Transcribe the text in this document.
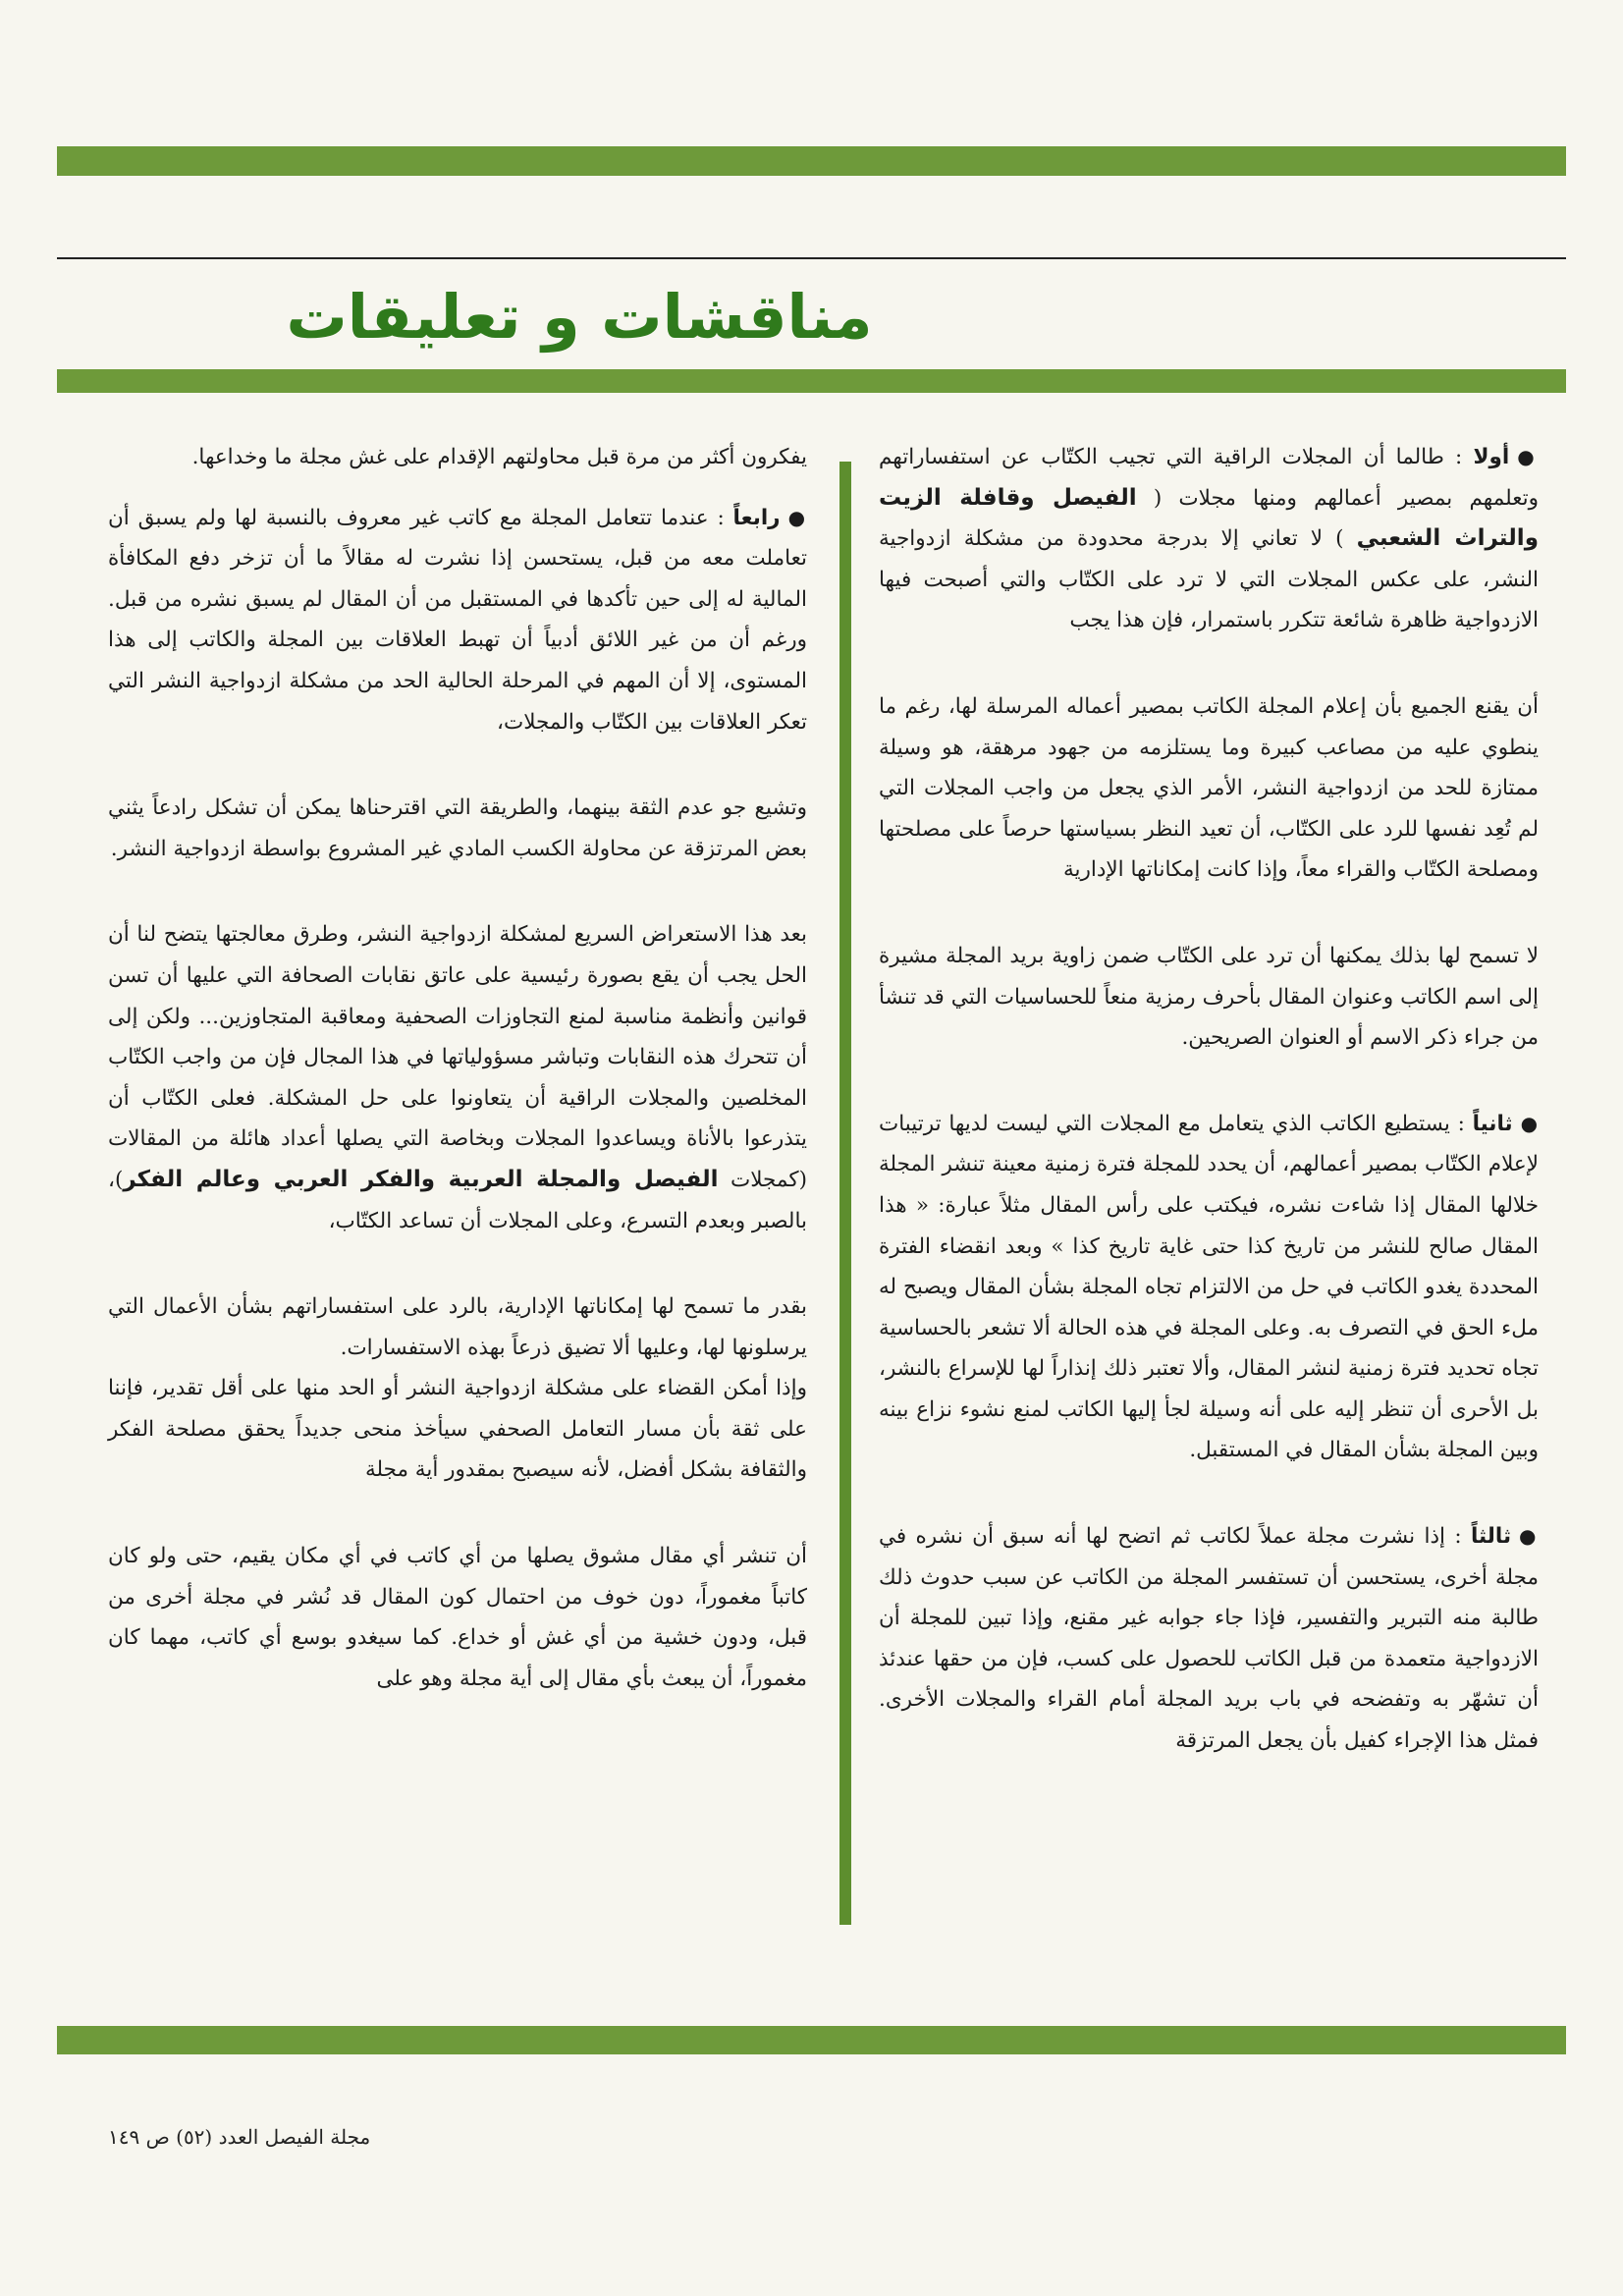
مناقشات و تعليقات

●أولا : طالما أن المجلات الراقية التي تجيب الكتّاب عن استفساراتهم وتعلمهم بمصير أعمالهم ومنها مجلات ( الفيصل وقافلة الزيت والتراث الشعبي ) لا تعاني إلا بدرجة محدودة من مشكلة ازدواجية النشر، على عكس المجلات التي لا ترد على الكتّاب والتي أصبحت فيها الازدواجية ظاهرة شائعة تتكرر باستمرار، فإن هذا يجب

أن يقنع الجميع بأن إعلام المجلة الكاتب بمصير أعماله المرسلة لها، رغم ما ينطوي عليه من مصاعب كبيرة وما يستلزمه من جهود مرهقة، هو وسيلة ممتازة للحد من ازدواجية النشر، الأمر الذي يجعل من واجب المجلات التي لم تُعِد نفسها للرد على الكتّاب، أن تعيد النظر بسياستها حرصاً على مصلحتها ومصلحة الكتّاب والقراء معاً، وإذا كانت إمكاناتها الإدارية

لا تسمح لها بذلك يمكنها أن ترد على الكتّاب ضمن زاوية بريد المجلة مشيرة إلى اسم الكاتب وعنوان المقال بأحرف رمزية منعاً للحساسيات التي قد تنشأ من جراء ذكر الاسم أو العنوان الصريحين.

●ثانياً : يستطيع الكاتب الذي يتعامل مع المجلات التي ليست لديها ترتيبات لإعلام الكتّاب بمصير أعمالهم، أن يحدد للمجلة فترة زمنية معينة تنشر المجلة خلالها المقال إذا شاءت نشره، فيكتب على رأس المقال مثلاً عبارة: « هذا المقال صالح للنشر من تاريخ كذا حتى غاية تاريخ كذا » وبعد انقضاء الفترة المحددة يغدو الكاتب في حل من الالتزام تجاه المجلة بشأن المقال ويصبح له ملء الحق في التصرف به. وعلى المجلة في هذه الحالة ألا تشعر بالحساسية تجاه تحديد فترة زمنية لنشر المقال، وألا تعتبر ذلك إنذاراً لها للإسراع بالنشر، بل الأحرى أن تنظر إليه على أنه وسيلة لجأ إليها الكاتب لمنع نشوء نزاع بينه وبين المجلة بشأن المقال في المستقبل.

●ثالثاً : إذا نشرت مجلة عملاً لكاتب ثم اتضح لها أنه سبق أن نشره في مجلة أخرى، يستحسن أن تستفسر المجلة من الكاتب عن سبب حدوث ذلك طالبة منه التبرير والتفسير، فإذا جاء جوابه غير مقنع، وإذا تبين للمجلة أن الازدواجية متعمدة من قبل الكاتب للحصول على كسب، فإن من حقها عندئذ أن تشهّر به وتفضحه في باب بريد المجلة أمام القراء والمجلات الأخرى. فمثل هذا الإجراء كفيل بأن يجعل المرتزقة

يفكرون أكثر من مرة قبل محاولتهم الإقدام على غش مجلة ما وخداعها.

●رابعاً : عندما تتعامل المجلة مع كاتب غير معروف بالنسبة لها ولم يسبق أن تعاملت معه من قبل، يستحسن إذا نشرت له مقالاً ما أن تزخر دفع المكافأة المالية له إلى حين تأكدها في المستقبل من أن المقال لم يسبق نشره من قبل. ورغم أن من غير اللائق أدبياً أن تهبط العلاقات بين المجلة والكاتب إلى هذا المستوى، إلا أن المهم في المرحلة الحالية الحد من مشكلة ازدواجية النشر التي تعكر العلاقات بين الكتّاب والمجلات،

وتشيع جو عدم الثقة بينهما، والطريقة التي اقترحناها يمكن أن تشكل رادعاً يثني بعض المرتزقة عن محاولة الكسب المادي غير المشروع بواسطة ازدواجية النشر.

بعد هذا الاستعراض السريع لمشكلة ازدواجية النشر، وطرق معالجتها يتضح لنا أن الحل يجب أن يقع بصورة رئيسية على عاتق نقابات الصحافة التي عليها أن تسن قوانين وأنظمة مناسبة لمنع التجاوزات الصحفية ومعاقبة المتجاوزين... ولكن إلى أن تتحرك هذه النقابات وتباشر مسؤولياتها في هذا المجال فإن من واجب الكتّاب المخلصين والمجلات الراقية أن يتعاونوا على حل المشكلة. فعلى الكتّاب أن يتذرعوا بالأناة ويساعدوا المجلات وبخاصة التي يصلها أعداد هائلة من المقالات (كمجلات الفيصل والمجلة العربية والفكر العربي وعالم الفكر)، بالصبر وبعدم التسرع، وعلى المجلات أن تساعد الكتّاب،

بقدر ما تسمح لها إمكاناتها الإدارية، بالرد على استفساراتهم بشأن الأعمال التي يرسلونها لها، وعليها ألا تضيق ذرعاً بهذه الاستفسارات.

وإذا أمكن القضاء على مشكلة ازدواجية النشر أو الحد منها على أقل تقدير، فإننا على ثقة بأن مسار التعامل الصحفي سيأخذ منحى جديداً يحقق مصلحة الفكر والثقافة بشكل أفضل، لأنه سيصبح بمقدور أية مجلة

أن تنشر أي مقال مشوق يصلها من أي كاتب في أي مكان يقيم، حتى ولو كان كاتباً مغموراً، دون خوف من احتمال كون المقال قد نُشر في مجلة أخرى من قبل، ودون خشية من أي غش أو خداع. كما سيغدو بوسع أي كاتب، مهما كان مغموراً، أن يبعث بأي مقال إلى أية مجلة وهو على

مجلة الفيصل العدد (٥٢) ص ١٤٩
